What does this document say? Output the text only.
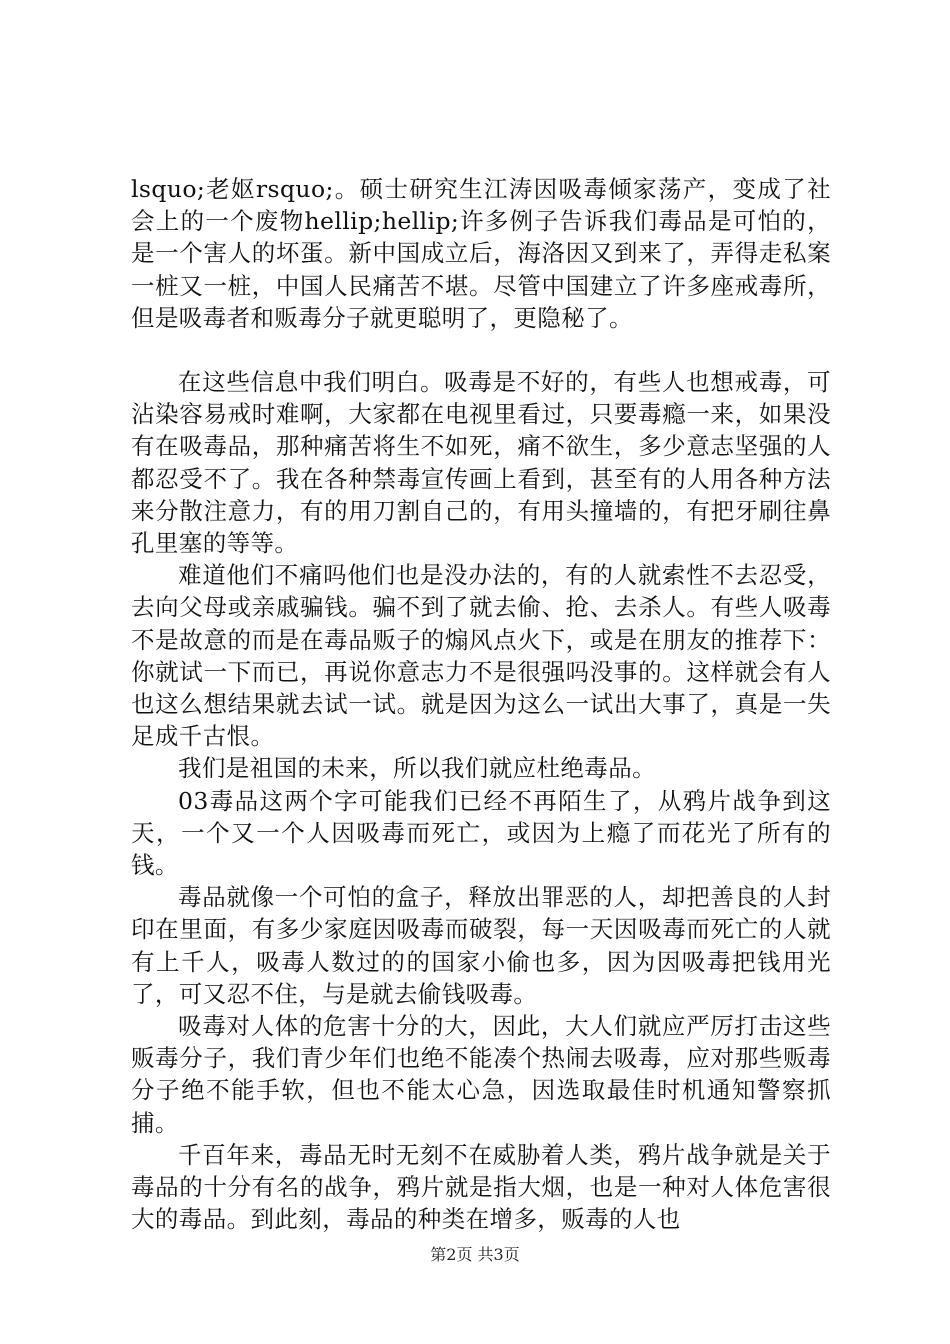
lsquo;老妪rsquo;。硕士研究生江涛因吸毒倾家荡产，变成了社会上的一个废物hellip;hellip;许多例子告诉我们毒品是可怕的，是一个害人的坏蛋。新中国成立后，海洛因又到来了，弄得走私案一桩又一桩，中国人民痛苦不堪。尽管中国建立了许多座戒毒所，但是吸毒者和贩毒分子就更聪明了，更隐秘了。

在这些信息中我们明白。吸毒是不好的，有些人也想戒毒，可沾染容易戒时难啊，大家都在电视里看过，只要毒瘾一来，如果没有在吸毒品，那种痛苦将生不如死，痛不欲生，多少意志坚强的人都忍受不了。我在各种禁毒宣传画上看到，甚至有的人用各种方法来分散注意力，有的用刀割自己的，有用头撞墙的，有把牙刷往鼻孔里塞的等等。

难道他们不痛吗他们也是没办法的，有的人就索性不去忍受，去向父母或亲戚骗钱。骗不到了就去偷、抢、去杀人。有些人吸毒不是故意的而是在毒品贩子的煽风点火下，或是在朋友的推荐下：你就试一下而已，再说你意志力不是很强吗没事的。这样就会有人也这么想结果就去试一试。就是因为这么一试出大事了，真是一失足成千古恨。

我们是祖国的未来，所以我们就应杜绝毒品。

03毒品这两个字可能我们已经不再陌生了，从鸦片战争到这天，一个又一个人因吸毒而死亡，或因为上瘾了而花光了所有的钱。

毒品就像一个可怕的盒子，释放出罪恶的人，却把善良的人封印在里面，有多少家庭因吸毒而破裂，每一天因吸毒而死亡的人就有上千人，吸毒人数过的的国家小偷也多，因为因吸毒把钱用光了，可又忍不住，与是就去偷钱吸毒。

吸毒对人体的危害十分的大，因此，大人们就应严厉打击这些贩毒分子，我们青少年们也绝不能凑个热闹去吸毒，应对那些贩毒分子绝不能手软，但也不能太心急，因选取最佳时机通知警察抓捕。

千百年来，毒品无时无刻不在威胁着人类，鸦片战争就是关于毒品的十分有名的战争，鸦片就是指大烟，也是一种对人体危害很大的毒品。到此刻，毒品的种类在增多，贩毒的人也

第2页 共3页
